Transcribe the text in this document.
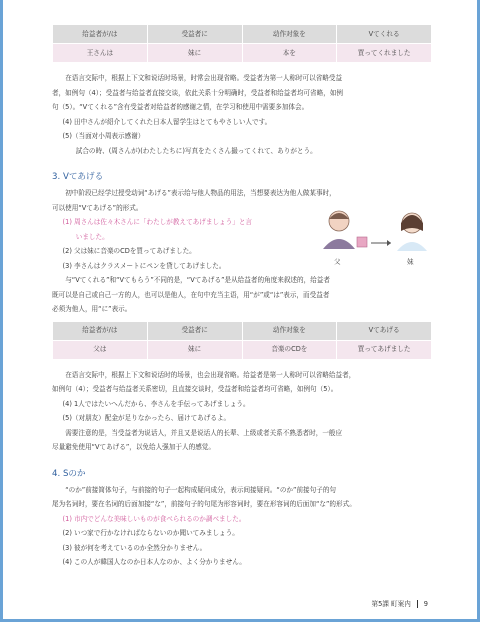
给益者が/は	受益者に	动作对象を	Vてくれる
王さんは	妹に	本を	買ってくれました

在语言交际中，根据上下文和说话时场景，时常会出现省略。受益者为第一人称时可以省略受益

者，如例句（4）；受益者与给益者直接交谈，依此关系十分明确时，受益者和给益者均可省略，如例

句（5）。“Vてくれる”含有受益者对给益者的感谢之情，在学习和使用中需要多加体会。

(4) 田中さんが紹介してくれた日本人留学生はとてもやさしい人です。

(5)（当面对小周表示感谢）

試合の時、(周さんが)(わたしたちに)写真をたくさん撮ってくれて、ありがとう。

3. Vてあげる

初中阶段已经学过授受动词“あげる”表示给与他人物品的用法，当想要表达为他人做某事时，

可以使用“Vてあげる”的形式。

(1) 周さんは佐々木さんに「わたしが教えてあげましょう」と言

いました。

(2) 父は妹に音楽のCDを買ってあげました。

(3) 李さんはクラスメートにペンを貸してあげました。	父	妹

与“Vてくれる”和“Vてもらう”不同的是，“Vてあげる”是从给益者的角度来叙述的，给益者

既可以是自己或自己一方的人，也可以是他人，在句中充当主语，用“が”或“は”表示，而受益者

必须为他人，用“に”表示。

给益者が/は	受益者に	动作对象を	Vてあげる
父は	妹に	音楽のCDを	買ってあげました

在语言交际中，根据上下文和说话时的场景，也会出现省略。给益者是第一人称时可以省略给益者，

如例句（4）；受益者与给益者关系密切，且直接交谈时，受益者和给益者均可省略，如例句（5）。

(4) 1人ではたいへんだから、李さんを手伝ってあげましょう。

(5)（对朋友）配金が足りなかったら、届けてあげるよ。

需要注意的是，当受益者为说话人，并且又是说话人的长辈、上级或者关系不熟悉者时，一般应

尽量避免使用“Vてあげる”，以免给人强加于人的感觉。

4. Sのか

“のか”前接简体句子，与前接的句子一起构成疑问成分，表示间接疑问。“のか”前接句子的句

尾为名词时，要在名词的后面加接“な”，前接句子的句尾为形容词时，要在形容词的后面加“な”的形式。

(1) 市内でどんな美味しいものが食べられるのか調べました。

(2) いつ家で行かなければならないのか聞いてみましょう。

(3) 彼が何を考えているのか全然分かりません。

(4) この人が韓国人なのか日本人なのか、よく分かりません。

第5課 町案内 9
